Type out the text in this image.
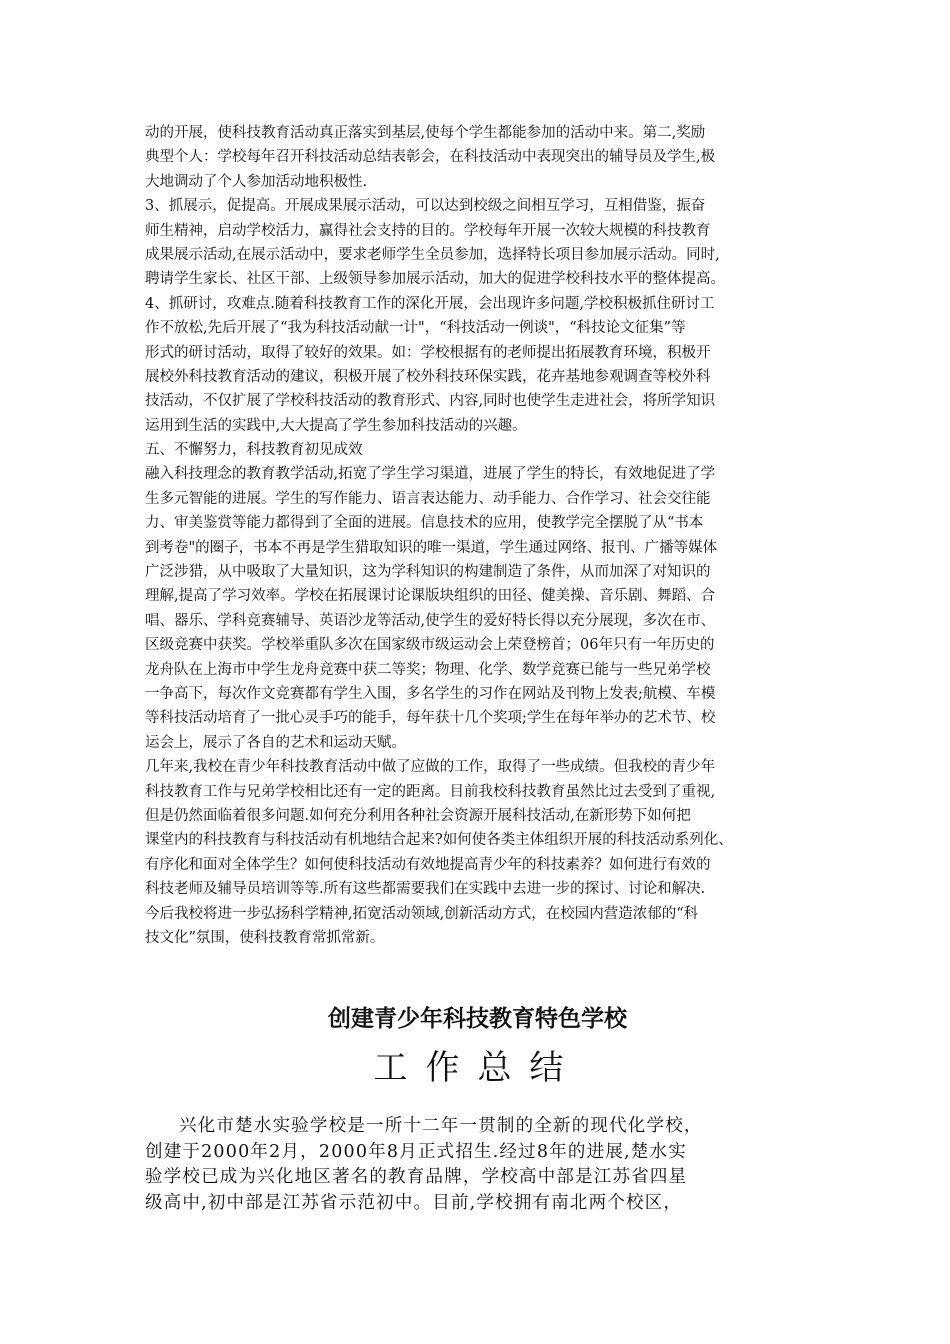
动的开展，使科技教育活动真正落实到基层,使每个学生都能参加的活动中来。第二,奖励
典型个人：学校每年召开科技活动总结表彰会，在科技活动中表现突出的辅导员及学生,极
大地调动了个人参加活动地积极性.
3、抓展示，促提高。开展成果展示活动，可以达到校级之间相互学习，互相借鉴，振奋
师生精神，启动学校活力，赢得社会支持的目的。学校每年开展一次较大规模的科技教育
成果展示活动,在展示活动中，要求老师学生全员参加，选择特长项目参加展示活动。同时,
聘请学生家长、社区干部、上级领导参加展示活动，加大的促进学校科技水平的整体提高。
4、抓研讨，攻难点.随着科技教育工作的深化开展，会出现许多问题,学校积极抓住研讨工
作不放松,先后开展了“我为科技活动献一计"，“科技活动一例谈"，“科技论文征集”等
形式的研讨活动，取得了较好的效果。如：学校根据有的老师提出拓展教育环境，积极开
展校外科技教育活动的建议，积极开展了校外科技环保实践，花卉基地参观调查等校外科
技活动，不仅扩展了学校科技活动的教育形式、内容,同时也使学生走进社会，将所学知识
运用到生活的实践中,大大提高了学生参加科技活动的兴趣。
五、不懈努力，科技教育初见成效
融入科技理念的教育教学活动,拓宽了学生学习渠道，进展了学生的特长，有效地促进了学
生多元智能的进展。学生的写作能力、语言表达能力、动手能力、合作学习、社会交往能
力、审美鉴赏等能力都得到了全面的进展。信息技术的应用，使教学完全摆脱了从“书本
到考卷"的圈子，书本不再是学生猎取知识的唯一渠道，学生通过网络、报刊、广播等媒体
广泛涉猎，从中吸取了大量知识，这为学科知识的构建制造了条件，从而加深了对知识的
理解,提高了学习效率。学校在拓展课讨论课版块组织的田径、健美操、音乐剧、舞蹈、合
唱、器乐、学科竞赛辅导、英语沙龙等活动,使学生的爱好特长得以充分展现，多次在市、
区级竞赛中获奖。学校举重队多次在国家级市级运动会上荣登榜首；06年只有一年历史的
龙舟队在上海市中学生龙舟竞赛中获二等奖；物理、化学、数学竞赛已能与一些兄弟学校
一争高下，每次作文竞赛都有学生入围，多名学生的习作在网站及刊物上发表;航模、车模
等科技活动培育了一批心灵手巧的能手，每年获十几个奖项;学生在每年举办的艺术节、校
运会上，展示了各自的艺术和运动天赋。
几年来,我校在青少年科技教育活动中做了应做的工作，取得了一些成绩。但我校的青少年
科技教育工作与兄弟学校相比还有一定的距离。目前我校科技教育虽然比过去受到了重视,
但是仍然面临着很多问题.如何充分利用各种社会资源开展科技活动,在新形势下如何把
课堂内的科技教育与科技活动有机地结合起来?如何使各类主体组织开展的科技活动系列化、
有序化和面对全体学生？如何使科技活动有效地提高青少年的科技素养？如何进行有效的
科技老师及辅导员培训等等.所有这些都需要我们在实践中去进一步的探讨、讨论和解决.
今后我校将进一步弘扬科学精神,拓宽活动领域,创新活动方式，在校园内营造浓郁的“科
技文化”氛围，使科技教育常抓常新。
创建青少年科技教育特色学校
工作总结
兴化市楚水实验学校是一所十二年一贯制的全新的现代化学校，
创建于2000年2月，2000年8月正式招生.经过8年的进展,楚水实
验学校已成为兴化地区著名的教育品牌，学校高中部是江苏省四星
级高中,初中部是江苏省示范初中。目前,学校拥有南北两个校区，
